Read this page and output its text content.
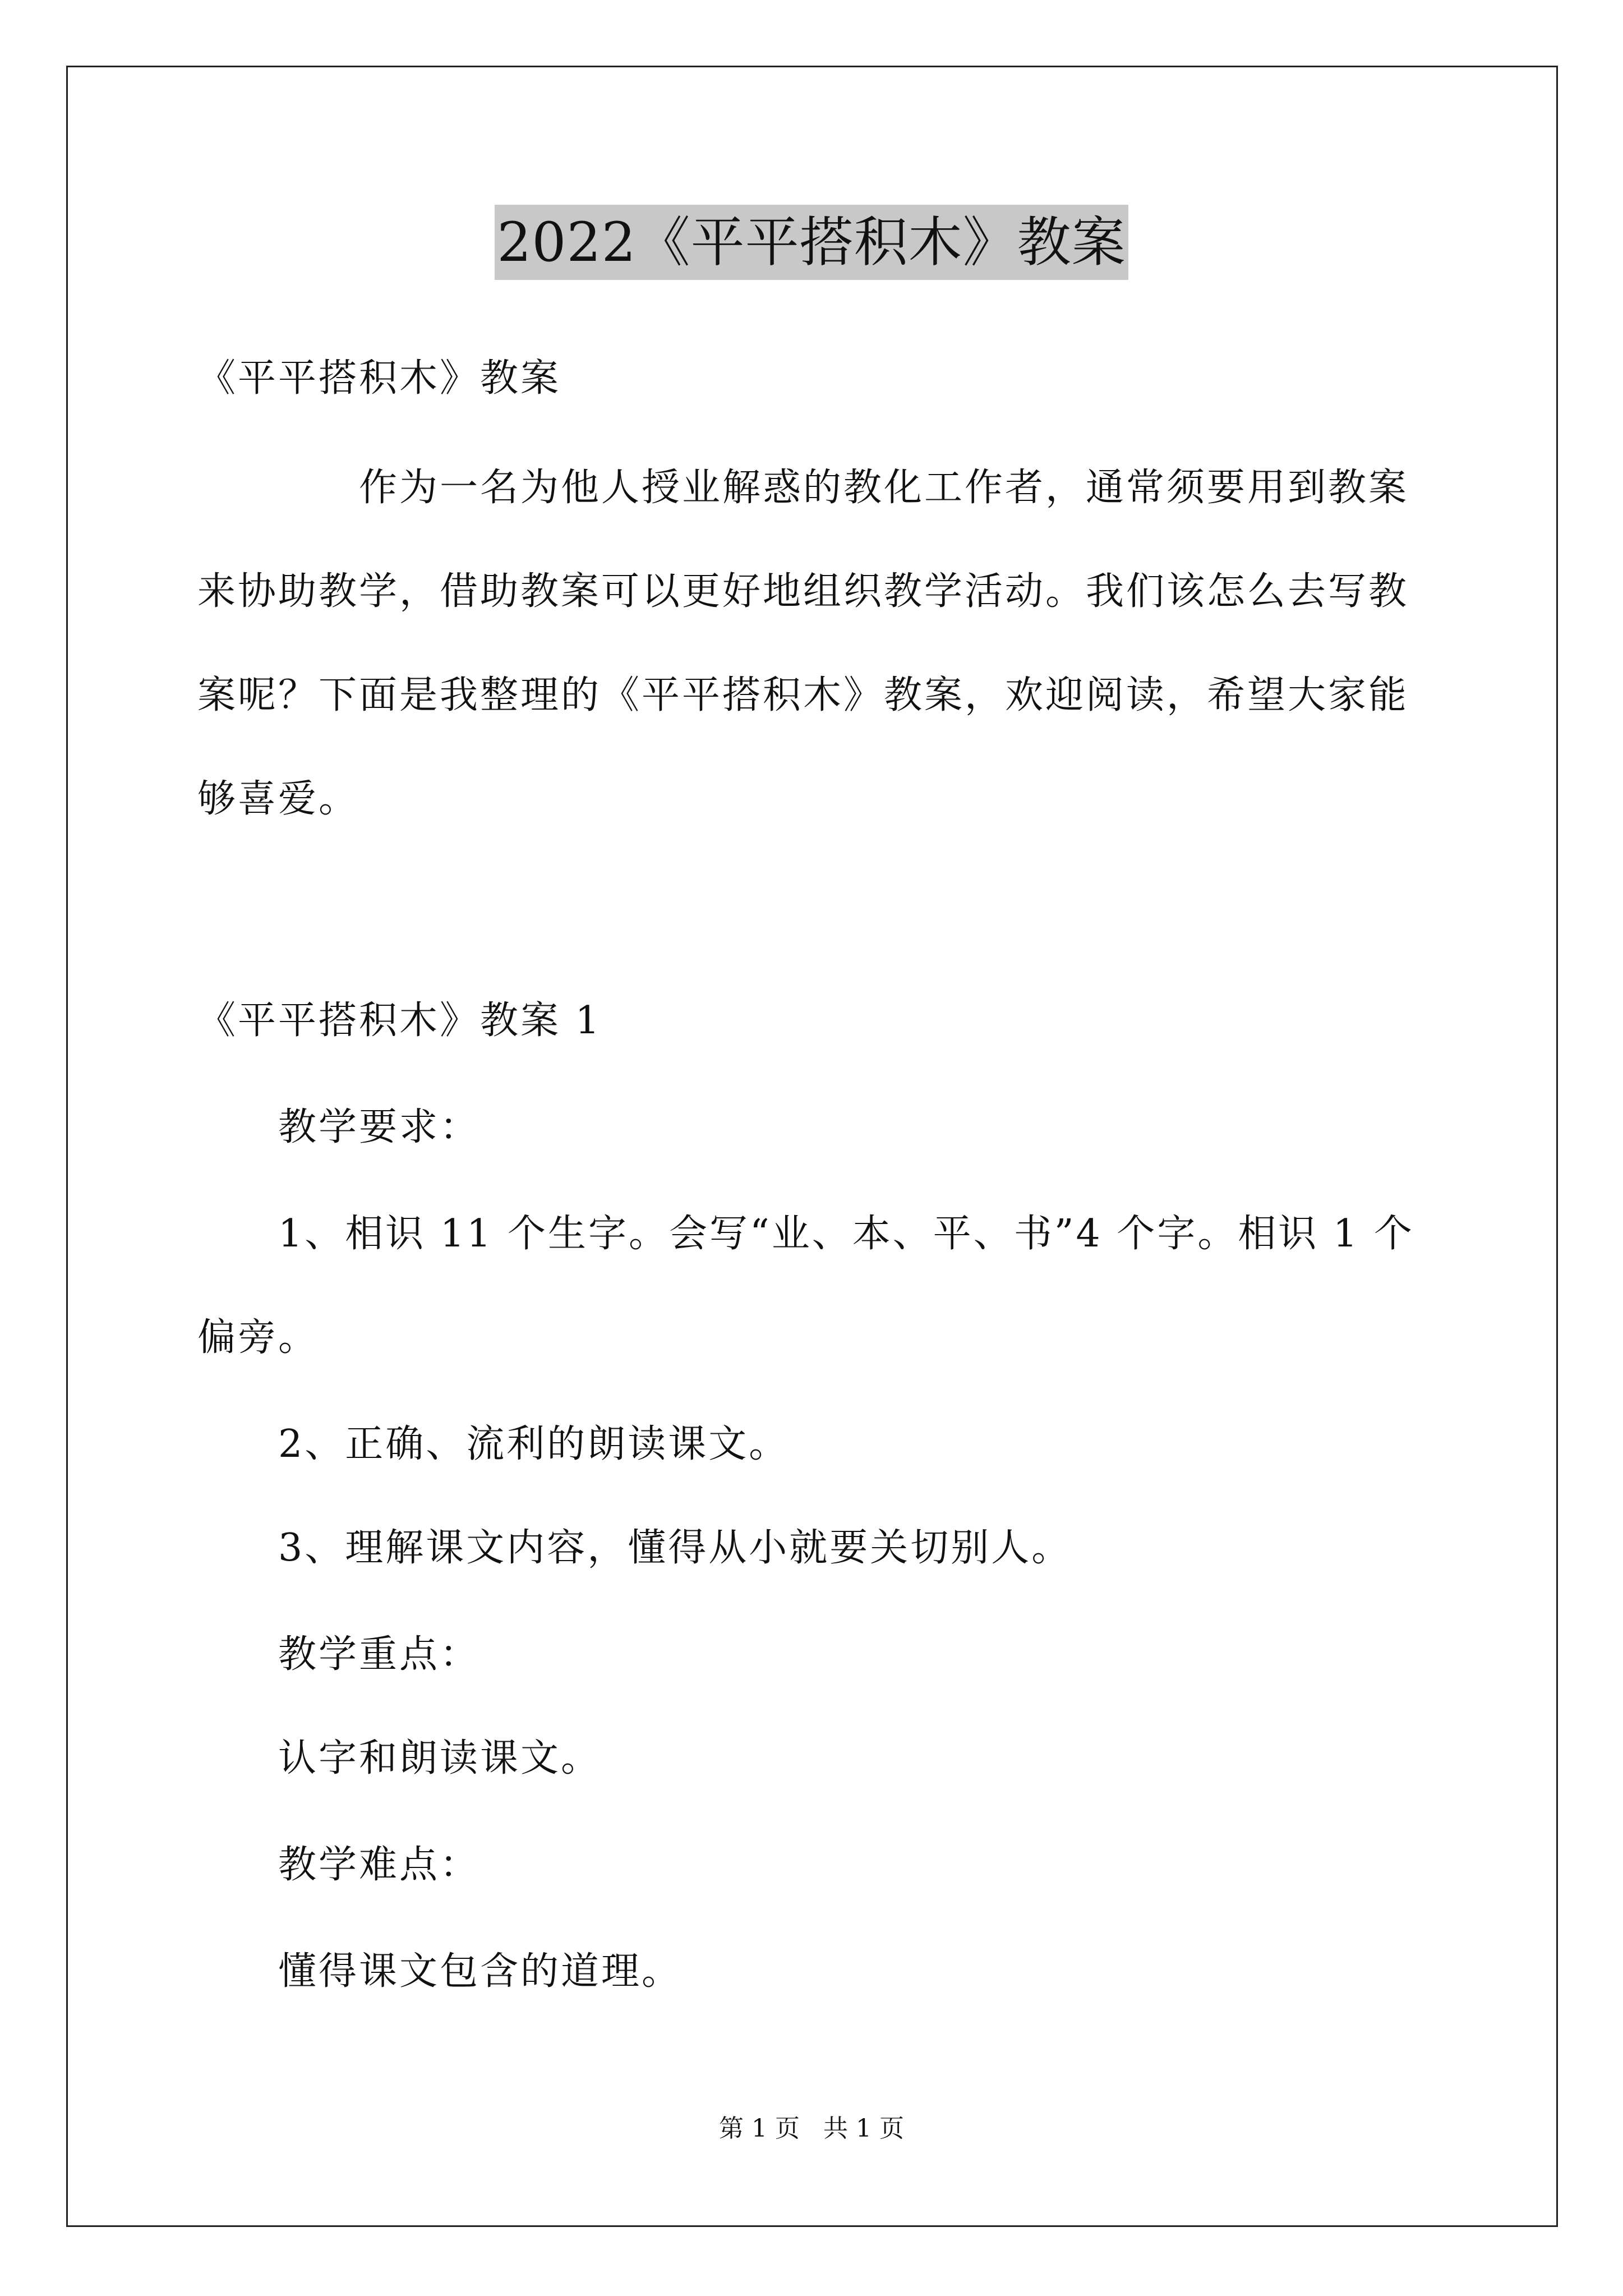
2022《平平搭积木》教案
《平平搭积木》教案
作为一名为他人授业解惑的教化工作者，通常须要用到教案
来协助教学，借助教案可以更好地组织教学活动。我们该怎么去写教
案呢？下面是我整理的《平平搭积木》教案，欢迎阅读，希望大家能
够喜爱。
《平平搭积木》教案 1
教学要求：
1、相识 11 个生字。会写“业、本、平、书”4 个字。相识 1 个
偏旁。
2、正确、流利的朗读课文。
3、理解课文内容，懂得从小就要关切别人。
教学重点：
认字和朗读课文。
教学难点：
懂得课文包含的道理。
第 1 页   共 1 页
